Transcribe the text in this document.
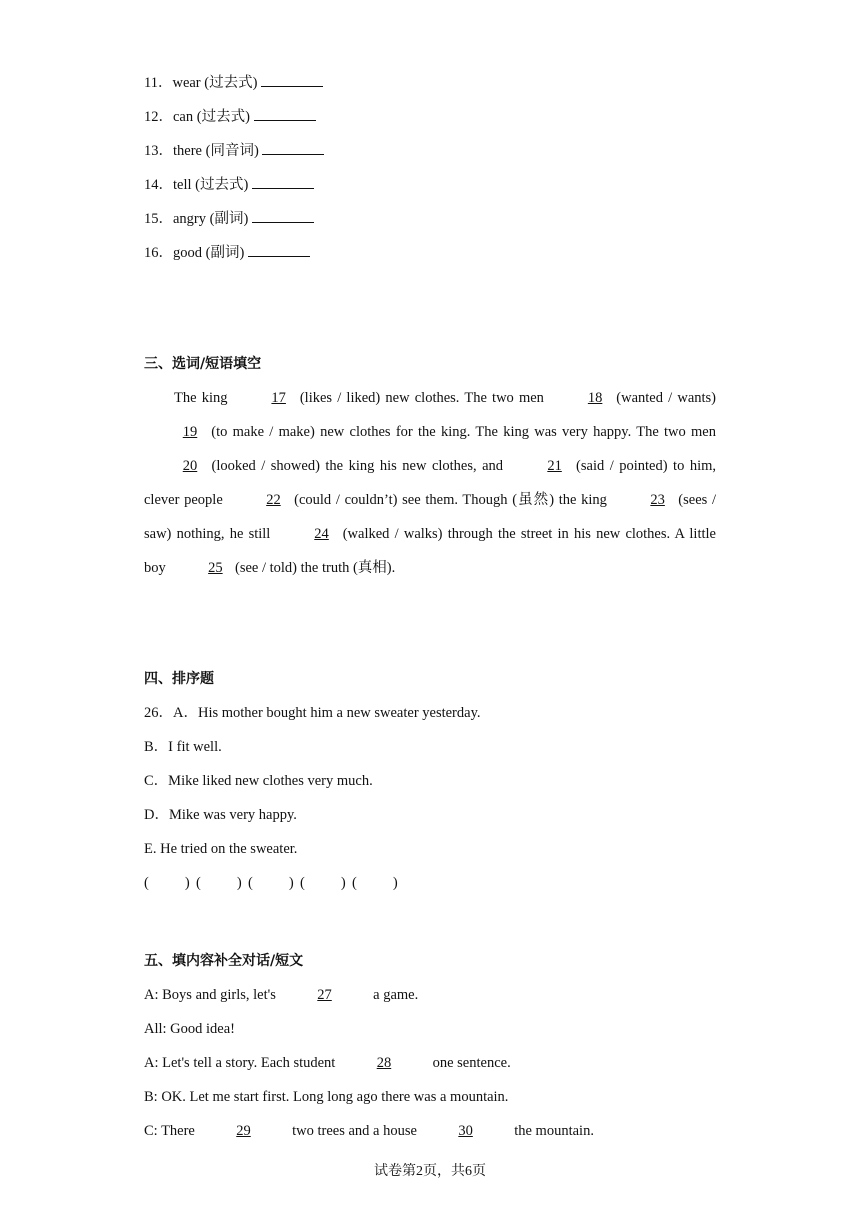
11．wear (过去式)
12．can (过去式)
13．there (同音词)
14．tell (过去式)
15．angry (副词)
16．good (副词)
三、选词/短语填空
The king	17 (likes / liked) new clothes. The two men	18 (wanted / wants) 19 (to make / make) new clothes for the king. The king was very happy. The two men 20 (looked / showed) the king his new clothes, and	21 (said / pointed) to him, clever people	22 (could / couldn’t) see them. Though (虽然) the king	23 (sees / saw) nothing, he still	24 (walked / walks) through the street in his new clothes. A little boy	25 (see / told) the truth (真相).
四、排序题
26．A．His mother bought him a new sweater yesterday.
B．I fit well.
C．Mike liked new clothes very much.
D．Mike was very happy.
E. He tried on the sweater.
( ) ( ) ( ) ( ) ( )
五、填内容补全对话/短文
A: Boys and girls, let's	27	a game.
All: Good idea!
A: Let's tell a story. Each student	28	one sentence.
B: OK. Let me start first. Long long ago there was a mountain.
C: There	29	two trees and a house	30	the mountain.
试卷第2页，共6页
